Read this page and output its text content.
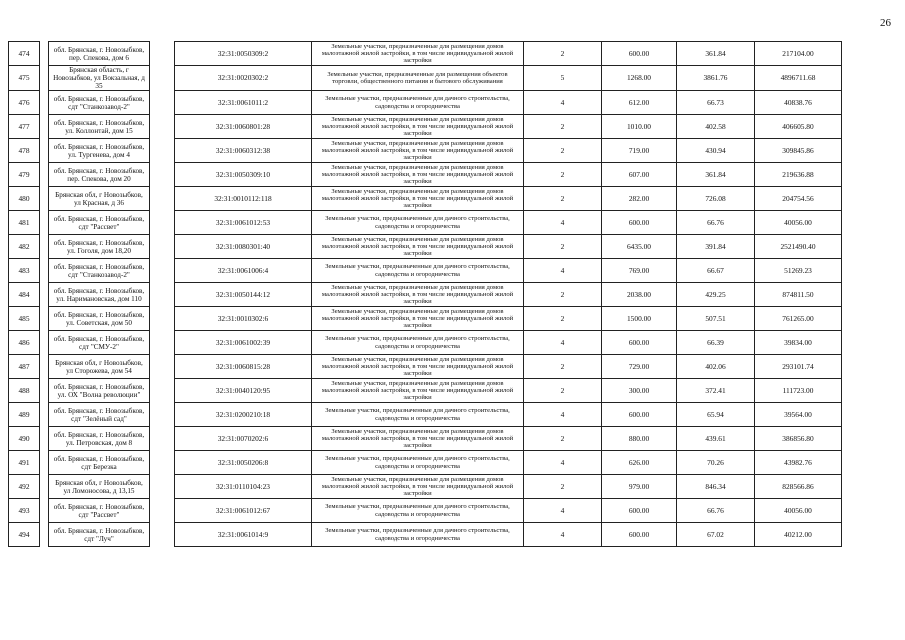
26
474		обл. Брянская, г. Новозыбков, пер. Спекова, дом 6		32:31:0050309:2	Земельные участки, предназначенные для размещения домов малоэтажной жилой застройки, в том числе индивидуальной жилой застройки	2	600.00	361.84	217104.00	
475		Брянская область, г Новозыбков, ул Вокзальная, д 35		32:31:0020302:2	Земельные участки, предназначенные для размещения объектов торговли, общественного питания и бытового обслуживания	5	1268.00	3861.76	4896711.68	
476		обл. Брянская, г. Новозыбков, сдт "Станкозавод-2"		32:31:0061011:2	Земельные участки, предназначенные для дачного строительства, садоводства и огородничества	4	612.00	66.73	40838.76	
477		обл. Брянская, г. Новозыбков, ул. Коллонтай, дом 15		32:31:0060801:28	Земельные участки, предназначенные для размещения домов малоэтажной жилой застройки, в том числе индивидуальной жилой застройки	2	1010.00	402.58	406605.80	
478		обл. Брянская, г. Новозыбков, ул. Тургенева, дом 4		32:31:0060312:38	Земельные участки, предназначенные для размещения домов малоэтажной жилой застройки, в том числе индивидуальной жилой застройки	2	719.00	430.94	309845.86	
479		обл. Брянская, г. Новозыбков, пер. Спекова, дом 20		32:31:0050309:10	Земельные участки, предназначенные для размещения домов малоэтажной жилой застройки, в том числе индивидуальной жилой застройки	2	607.00	361.84	219636.88	
480		Брянская обл, г Новозыбков, ул Красная, д 36		32:31:0010112:118	Земельные участки, предназначенные для размещения домов малоэтажной жилой застройки, в том числе индивидуальной жилой застройки	2	282.00	726.08	204754.56	
481		обл. Брянская, г. Новозыбков, сдт "Рассвет"		32:31:0061012:53	Земельные участки, предназначенные для дачного строительства, садоводства и огородничества	4	600.00	66.76	40056.00	
482		обл. Брянская, г. Новозыбков, ул. Гоголя, дом 18,20		32:31:0080301:40	Земельные участки, предназначенные для размещения домов малоэтажной жилой застройки, в том числе индивидуальной жилой застройки	2	6435.00	391.84	2521490.40	
483		обл. Брянская, г. Новозыбков, сдт "Станкозавод-2"		32:31:0061006:4	Земельные участки, предназначенные для дачного строительства, садоводства и огородничества	4	769.00	66.67	51269.23	
484		обл. Брянская, г. Новозыбков, ул. Наримановская, дом 110		32:31:0050144:12	Земельные участки, предназначенные для размещения домов малоэтажной жилой застройки, в том числе индивидуальной жилой застройки	2	2038.00	429.25	874811.50	
485		обл. Брянская, г. Новозыбков, ул. Советская, дом 50		32:31:0010302:6	Земельные участки, предназначенные для размещения домов малоэтажной жилой застройки, в том числе индивидуальной жилой застройки	2	1500.00	507.51	761265.00	
486		обл. Брянская, г. Новозыбков, сдт "СМУ-2"		32:31:0061002:39	Земельные участки, предназначенные для дачного строительства, садоводства и огородничества	4	600.00	66.39	39834.00	
487		Брянская обл, г Новозыбков, ул Сторожева, дом 54		32:31:0060815:28	Земельные участки, предназначенные для размещения домов малоэтажной жилой застройки, в том числе индивидуальной жилой застройки	2	729.00	402.06	293101.74	
488		обл. Брянская, г. Новозыбков, ул. ОХ "Волна революции"		32:31:0040120:95	Земельные участки, предназначенные для размещения домов малоэтажной жилой застройки, в том числе индивидуальной жилой застройки	2	300.00	372.41	111723.00	
489		обл. Брянская, г. Новозыбков, сдт "Зелёный сад"		32:31:0200210:18	Земельные участки, предназначенные для дачного строительства, садоводства и огородничества	4	600.00	65.94	39564.00	
490		обл. Брянская, г. Новозыбков, ул. Петровская, дом 8		32:31:0070202:6	Земельные участки, предназначенные для размещения домов малоэтажной жилой застройки, в том числе индивидуальной жилой застройки	2	880.00	439.61	386856.80	
491		обл. Брянская, г. Новозыбков, сдт Березка		32:31:0050206:8	Земельные участки, предназначенные для дачного строительства, садоводства и огородничества	4	626.00	70.26	43982.76	
492		Брянская обл, г Новозыбков, ул Ломоносова, д 13,15		32:31:0110104:23	Земельные участки, предназначенные для размещения домов малоэтажной жилой застройки, в том числе индивидуальной жилой застройки	2	979.00	846.34	828566.86	
493		обл. Брянская, г. Новозыбков, сдт "Рассвет"		32:31:0061012:67	Земельные участки, предназначенные для дачного строительства, садоводства и огородничества	4	600.00	66.76	40056.00	
494		обл. Брянская, г. Новозыбков, сдт "Луч"		32:31:0061014:9	Земельные участки, предназначенные для дачного строительства, садоводства и огородничества	4	600.00	67.02	40212.00	
